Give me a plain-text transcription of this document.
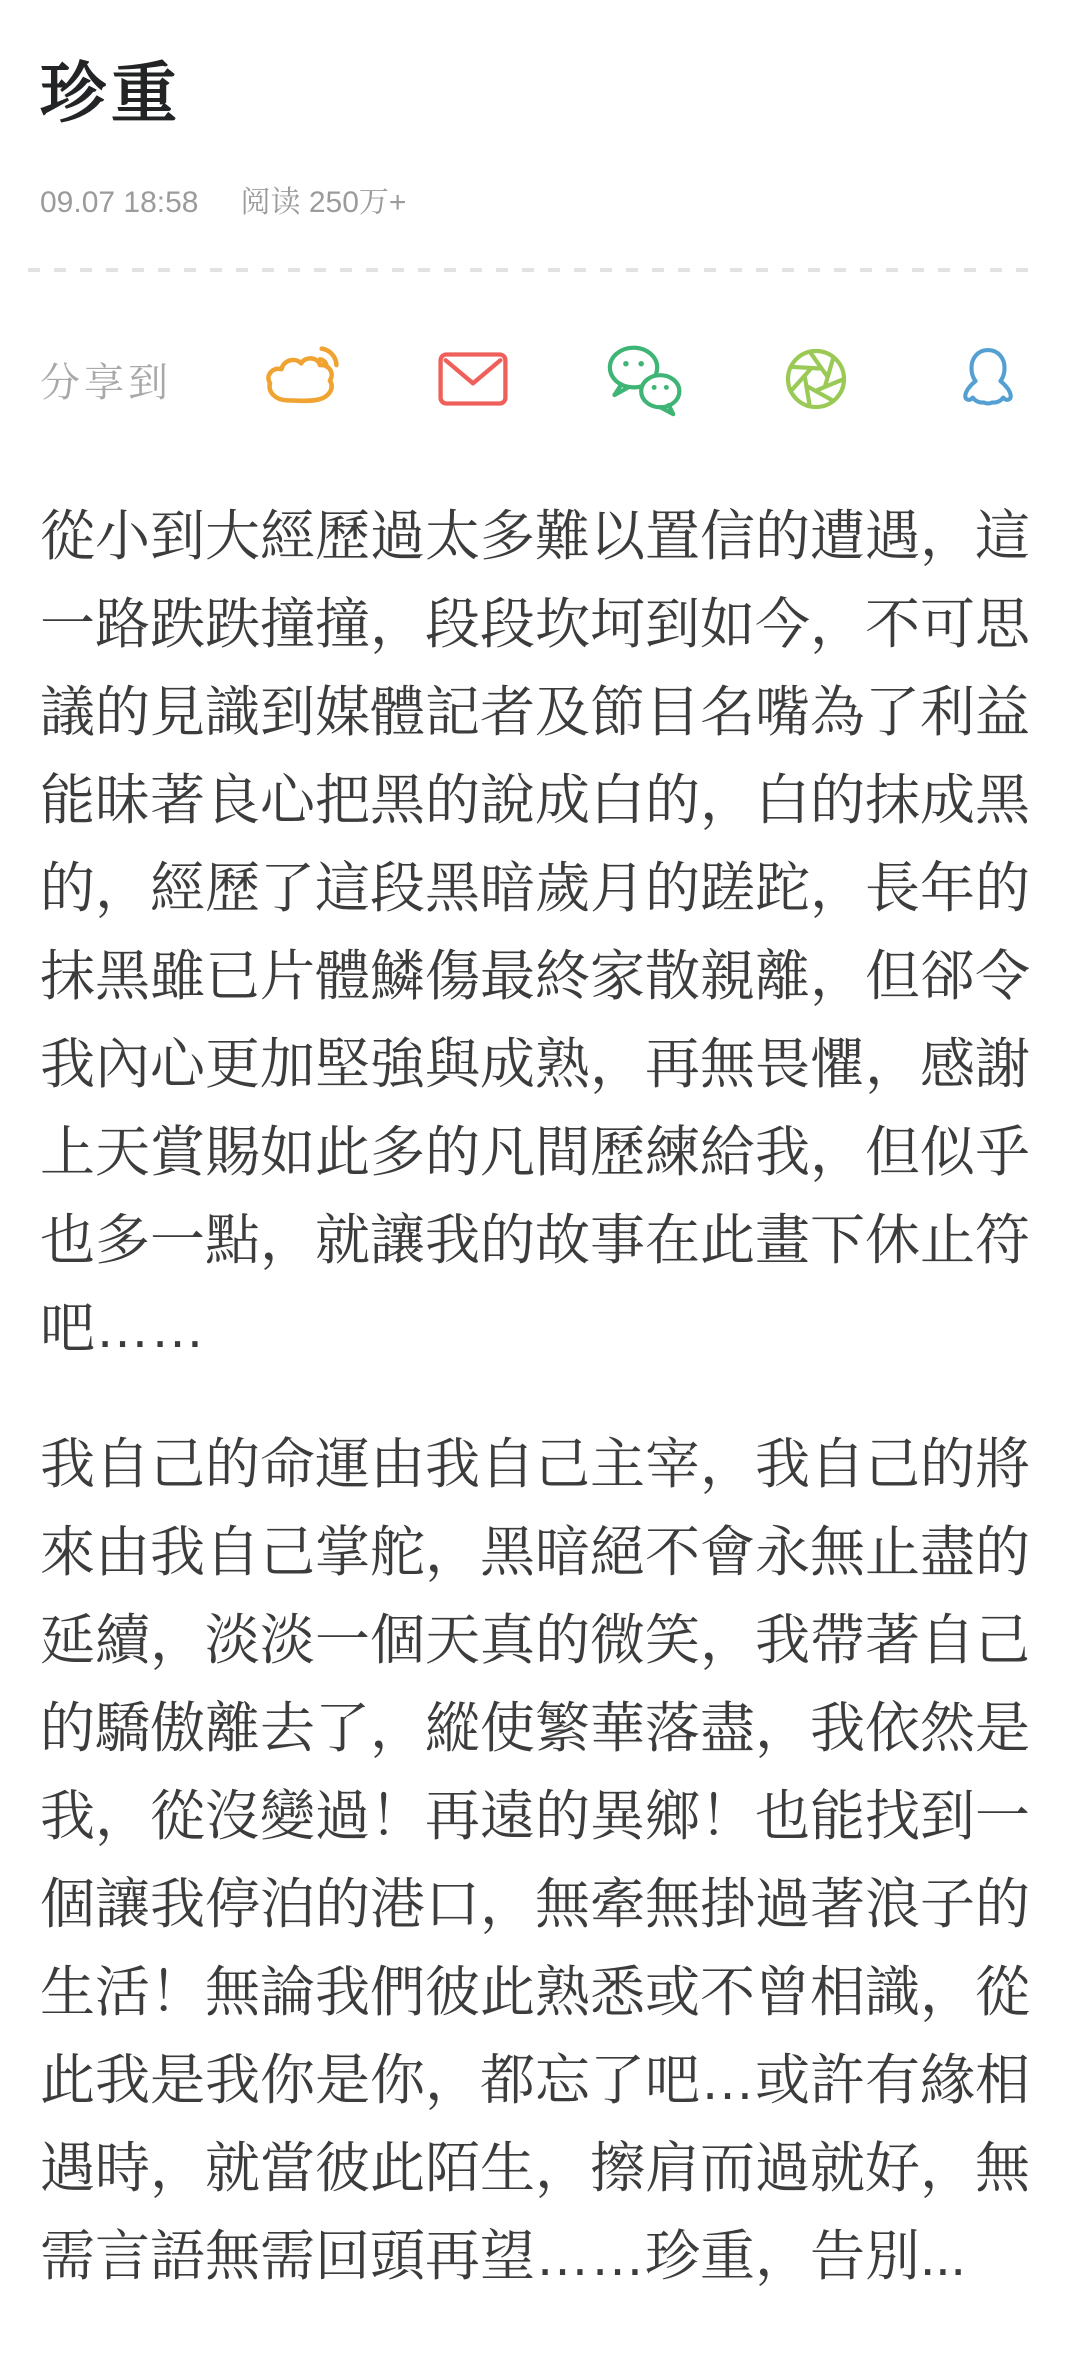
珍重
09.07 18:58 阅读 250万+
分享到
從小到大經歷過太多難以置信的遭遇，這
一路跌跌撞撞，段段坎坷到如今，不可思
議的見識到媒體記者及節目名嘴為了利益
能昧著良心把黑的說成白的，白的抹成黑
的，經歷了這段黑暗歲月的蹉跎，長年的
抹黑雖已片體鱗傷最終家散親離，但郤令
我內心更加堅強與成熟，再無畏懼，感謝
上天賞賜如此多的凡間歷練給我，但似乎
也多一點，就讓我的故事在此畫下休止符
吧……
我自己的命運由我自己主宰，我自己的將
來由我自己掌舵，黑暗絕不會永無止盡的
延續，淡淡一個天真的微笑，我帶著自己
的驕傲離去了，縱使繁華落盡，我依然是
我，從沒變過！再遠的異鄉！也能找到一
個讓我停泊的港口，無牽無掛過著浪子的
生活！無論我們彼此熟悉或不曾相識，從
此我是我你是你，都忘了吧…或許有緣相
遇時，就當彼此陌生，擦肩而過就好，無
需言語無需回頭再望……珍重，告別...
